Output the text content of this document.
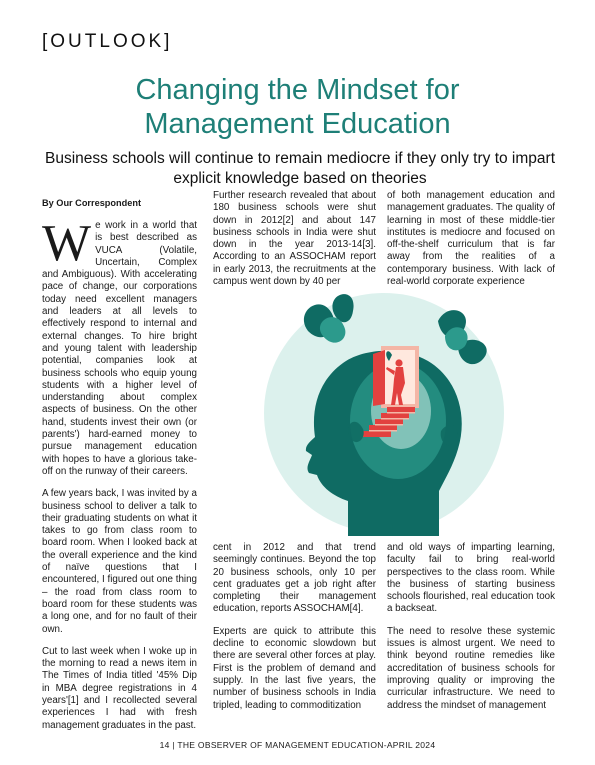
[OUTLOOK]
Changing the Mindset for
Management Education
Business schools will continue to remain mediocre if they only try to impart explicit knowledge based on theories
By Our Correspondent

We work in a world that is best described as VUCA (Volatile, Uncertain, Complex and Ambiguous). With accelerating pace of change, our corporations today need excellent managers and leaders at all levels to effectively respond to internal and external changes. To hire bright and young talent with leadership potential, companies look at business schools who equip young students with a higher level of understanding about complex aspects of business. On the other hand, students invest their own (or parents') hard-earned money to pursue management education with hopes to have a glorious take-off on the runway of their careers.

A few years back, I was invited by a business school to deliver a talk to their graduating students on what it takes to go from class room to board room. When I looked back at the overall experience and the kind of naïve questions that I encountered, I figured out one thing – the road from class room to board room for these students was a long one, and for no fault of their own.

Cut to last week when I woke up in the morning to read a news item in The Times of India titled '45% Dip in MBA degree registrations in 4 years'[1] and I recollected several experiences I had with fresh management graduates in the past.

Further research revealed that about 180 business schools were shut down in 2012[2] and about 147 business schools in India were shut down in the year 2013-14[3]. According to an ASSOCHAM report in early 2013, the recruitments at the campus went down by 40 per

of both management education and management graduates. The quality of learning in most of these middle-tier institutes is mediocre and focused on off-the-shelf curriculum that is far away from the realities of a contemporary business. With lack of real-world corporate experience

cent in 2012 and that trend seemingly continues. Beyond the top 20 business schools, only 10 per cent graduates get a job right after completing their management education, reports ASSOCHAM[4].

Experts are quick to attribute this decline to economic slowdown but there are several other forces at play. First is the problem of demand and supply. In the last five years, the number of business schools in India tripled, leading to commoditization

and old ways of imparting learning, faculty fail to bring real-world perspectives to the class room. While the business of starting business schools flourished, real education took a backseat.

The need to resolve these systemic issues is almost urgent. We need to think beyond routine remedies like accreditation of business schools for improving quality or improving the curricular infrastructure. We need to address the mindset of management

14 | THE OBSERVER OF MANAGEMENT EDUCATION-APRIL 2024
